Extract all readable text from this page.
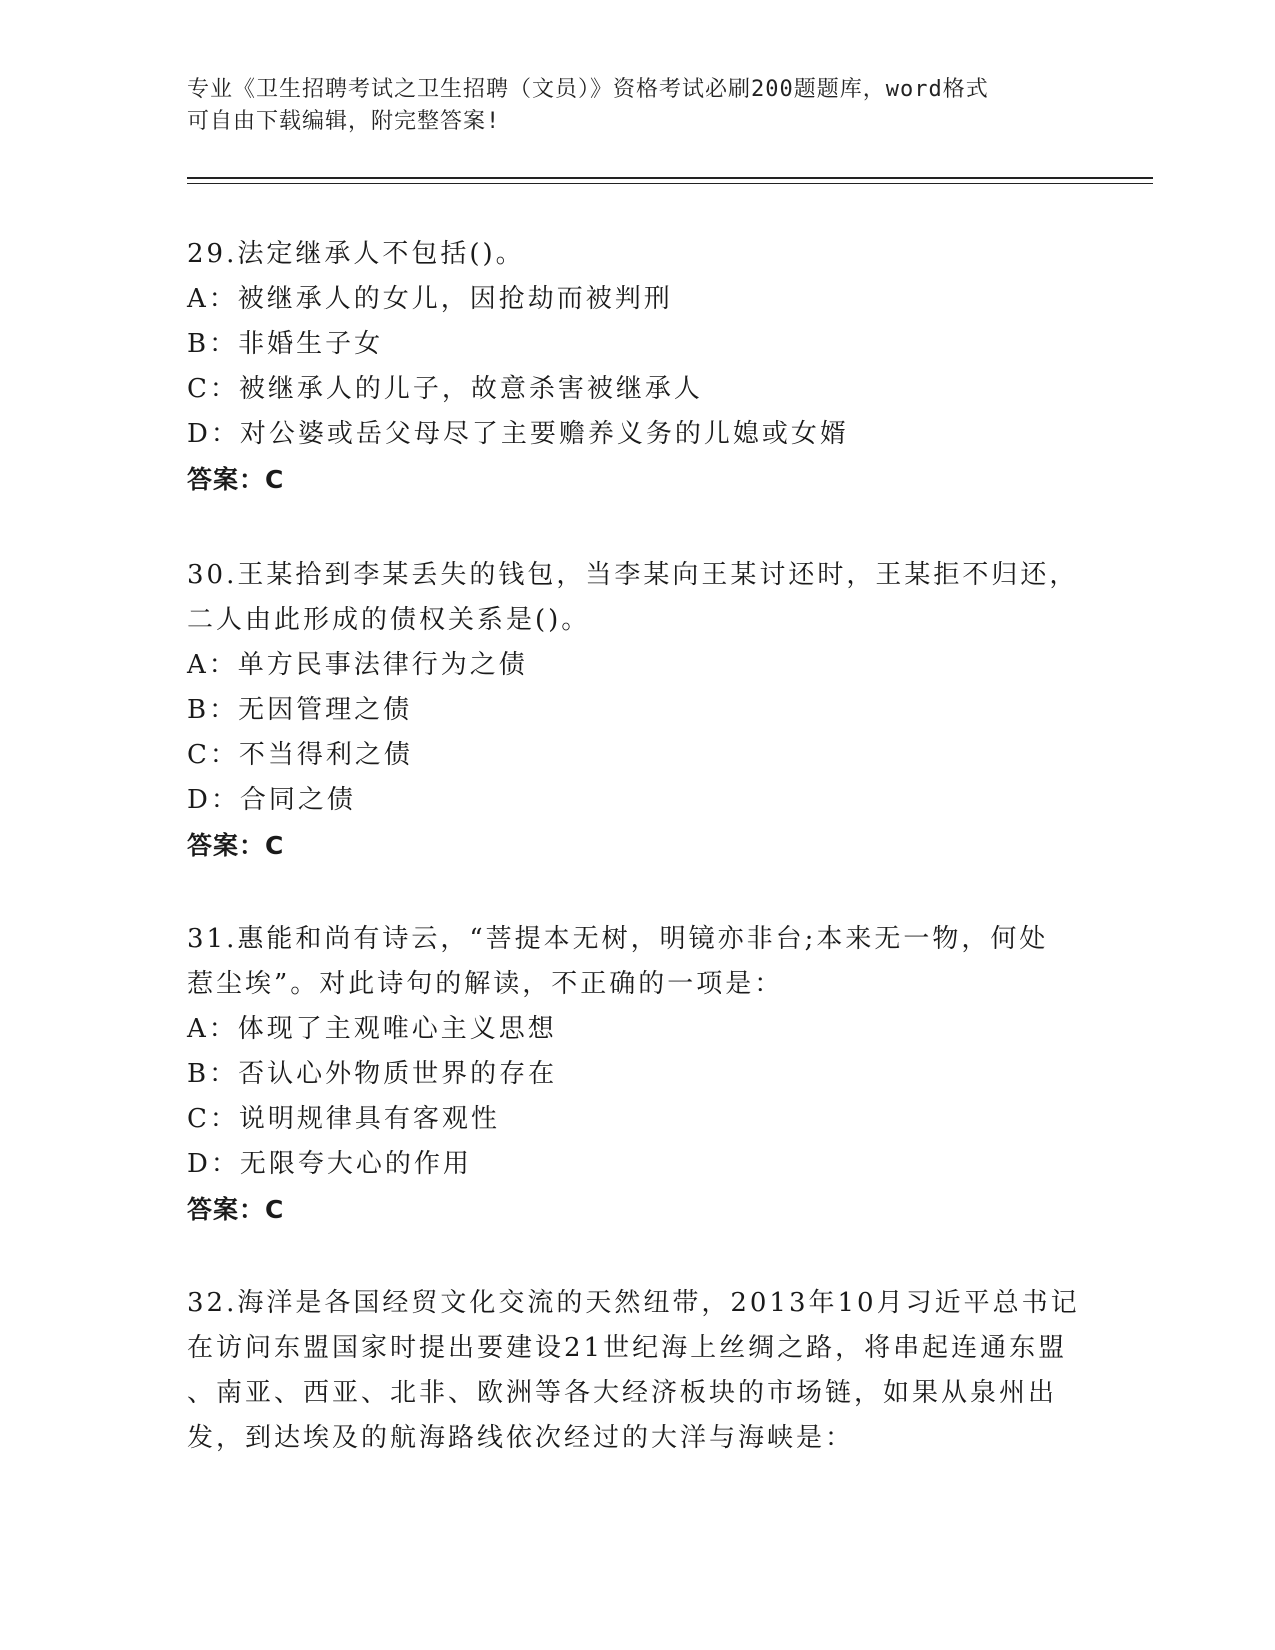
专业《卫生招聘考试之卫生招聘（文员）》资格考试必刷200题题库，word格式
可自由下载编辑，附完整答案!
29.法定继承人不包括()。
A：被继承人的女儿，因抢劫而被判刑
B：非婚生子女
C：被继承人的儿子，故意杀害被继承人
D：对公婆或岳父母尽了主要赡养义务的儿媳或女婿
答案：C
30.王某拾到李某丢失的钱包，当李某向王某讨还时，王某拒不归还，
二人由此形成的债权关系是()。
A：单方民事法律行为之债
B：无因管理之债
C：不当得利之债
D：合同之债
答案：C
31.惠能和尚有诗云，“菩提本无树，明镜亦非台;本来无一物，何处
惹尘埃”。对此诗句的解读，不正确的一项是：
A：体现了主观唯心主义思想
B：否认心外物质世界的存在
C：说明规律具有客观性
D：无限夸大心的作用
答案：C
32.海洋是各国经贸文化交流的天然纽带，2013年10月习近平总书记
在访问东盟国家时提出要建设21世纪海上丝绸之路，将串起连通东盟
、南亚、西亚、北非、欧洲等各大经济板块的市场链，如果从泉州出
发，到达埃及的航海路线依次经过的大洋与海峡是：
